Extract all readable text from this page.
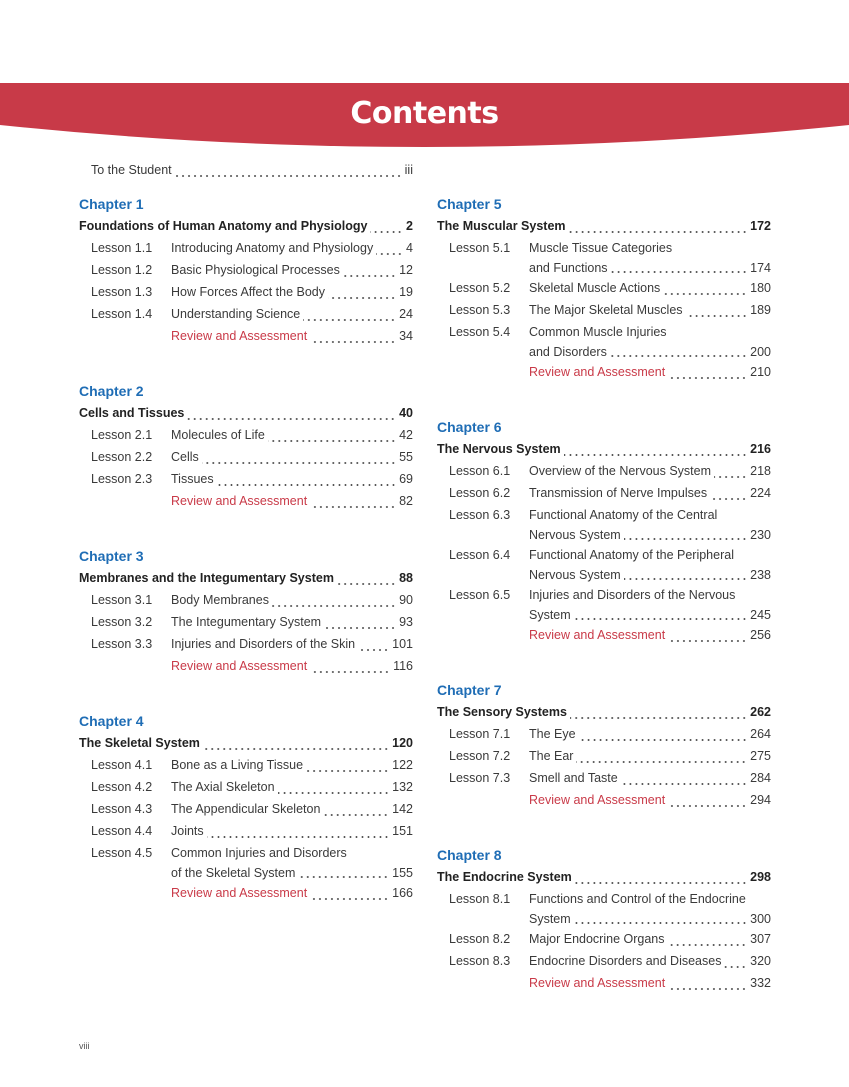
Contents
To the Student	iii
Chapter 1
Foundations of Human Anatomy and Physiology	2
Lesson 1.1	Introducing Anatomy and Physiology	4
Lesson 1.2	Basic Physiological Processes	12
Lesson 1.3	How Forces Affect the Body	19
Lesson 1.4	Understanding Science	24
Review and Assessment	34
Chapter 2
Cells and Tissues	40
Lesson 2.1	Molecules of Life	42
Lesson 2.2	Cells	55
Lesson 2.3	Tissues	69
Review and Assessment	82
Chapter 3
Membranes and the Integumentary System	88
Lesson 3.1	Body Membranes	90
Lesson 3.2	The Integumentary System	93
Lesson 3.3	Injuries and Disorders of the Skin	101
Review and Assessment	116
Chapter 4
The Skeletal System	120
Lesson 4.1	Bone as a Living Tissue	122
Lesson 4.2	The Axial Skeleton	132
Lesson 4.3	The Appendicular Skeleton	142
Lesson 4.4	Joints	151
Lesson 4.5	Common Injuries and Disorders
of the Skeletal System	155
Review and Assessment	166
Chapter 5
The Muscular System	172
Lesson 5.1	Muscle Tissue Categories
and Functions	174
Lesson 5.2	Skeletal Muscle Actions	180
Lesson 5.3	The Major Skeletal Muscles	189
Lesson 5.4	Common Muscle Injuries
and Disorders	200
Review and Assessment	210
Chapter 6
The Nervous System	216
Lesson 6.1	Overview of the Nervous System	218
Lesson 6.2	Transmission of Nerve Impulses	224
Lesson 6.3	Functional Anatomy of the Central
Nervous System	230
Lesson 6.4	Functional Anatomy of the Peripheral
Nervous System	238
Lesson 6.5	Injuries and Disorders of the Nervous
System	245
Review and Assessment	256
Chapter 7
The Sensory Systems	262
Lesson 7.1	The Eye	264
Lesson 7.2	The Ear	275
Lesson 7.3	Smell and Taste	284
Review and Assessment	294
Chapter 8
The Endocrine System	298
Lesson 8.1	Functions and Control of the Endocrine
System	300
Lesson 8.2	Major Endocrine Organs	307
Lesson 8.3	Endocrine Disorders and Diseases 320
Review and Assessment	332
viii
